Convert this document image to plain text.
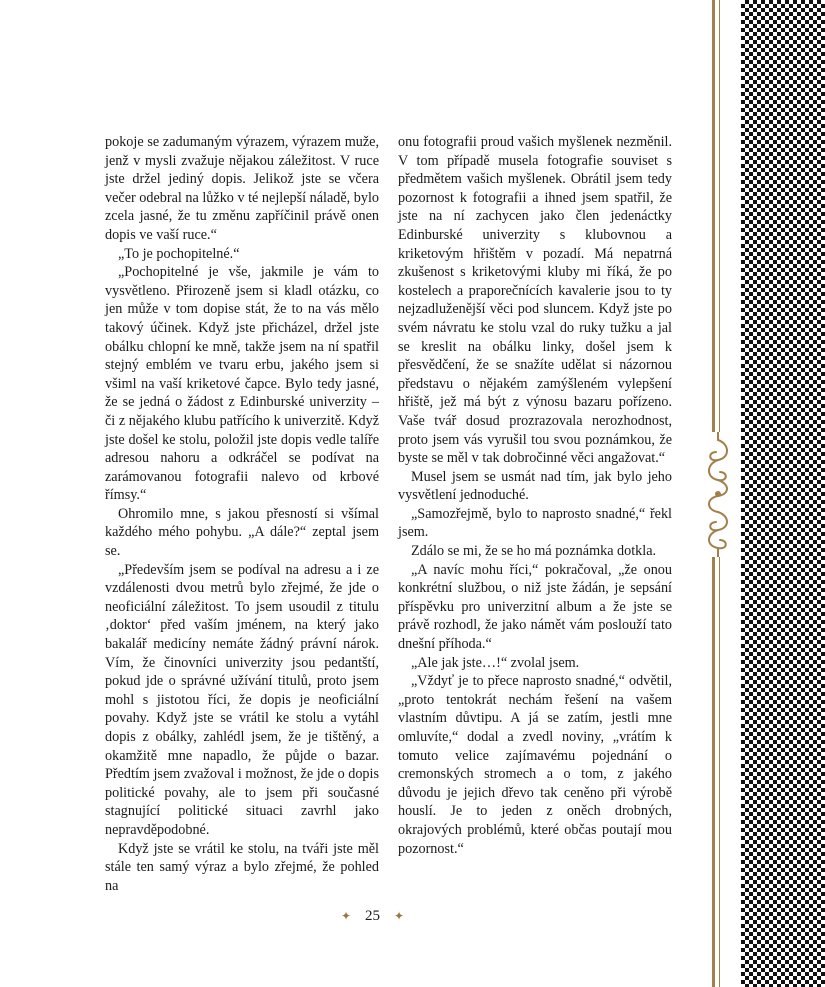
pokoje se zadumaným výrazem, výrazem muže, jenž v mysli zvažuje nějakou záležitost. V ruce jste držel jediný dopis. Jelikož jste se včera večer odebral na lůžko v té nejlepší náladě, bylo zcela jasné, že tu změnu zapříčinil právě onen dopis ve vaší ruce.“

„To je pochopitelné.“

„Pochopitelné je vše, jakmile je vám to vysvětleno. Přirozeně jsem si kladl otázku, co jen může v tom dopise stát, že to na vás mělo takový účinek. Když jste přicházel, držel jste obálku chlopní ke mně, takže jsem na ní spatřil stejný emblém ve tvaru erbu, jakého jsem si všiml na vaší kriketové čapce. Bylo tedy jasné, že se jedná o žádost z Edinburské univerzity – či z nějakého klubu patřícího k univerzitě. Když jste došel ke stolu, položil jste dopis vedle talíře adresou nahoru a odkráčel se podívat na zarámovanou fotografii nalevo od krbové římsy.“

Ohromilo mne, s jakou přesností si všímal každého mého pohybu. „A dále?“ zeptal jsem se.

„Především jsem se podíval na adresu a i ze vzdálenosti dvou metrů bylo zřejmé, že jde o neoficiální záležitost. To jsem usoudil z titulu ‚doktor‘ před vaším jménem, na který jako bakalář medicíny nemáte žádný právní nárok. Vím, že činovníci univerzity jsou pedantští, pokud jde o správné užívání titulů, proto jsem mohl s jistotou říci, že dopis je neoficiální povahy. Když jste se vrátil ke stolu a vytáhl dopis z obálky, zahlédl jsem, že je tištěný, a okamžitě mne napadlo, že půjde o bazar. Předtím jsem zvažoval i možnost, že jde o dopis politické povahy, ale to jsem při současné stagnující politické situaci zavrhl jako nepravděpodobné.

Když jste se vrátil ke stolu, na tváři jste měl stále ten samý výraz a bylo zřejmé, že pohled na

onu fotografii proud vašich myšlenek nezměnil. V tom případě musela fotografie souviset s předmětem vašich myšlenek. Obrátil jsem tedy pozornost k fotografii a ihned jsem spatřil, že jste na ní zachycen jako člen jedenáctky Edinburské univerzity s klubovnou a kriketovým hřištěm v pozadí. Má nepatrná zkušenost s kriketovými kluby mi říká, že po kostelech a praporečnících kavalerie jsou to ty nejzadluženější věci pod sluncem. Když jste po svém návratu ke stolu vzal do ruky tužku a jal se kreslit na obálku linky, došel jsem k přesvědčení, že se snažíte udělat si názornou představu o nějakém zamýšleném vylepšení hřiště, jež má být z výnosu bazaru pořízeno. Vaše tvář dosud prozrazovala nerozhodnost, proto jsem vás vyrušil tou svou poznámkou, že byste se měl v tak dobročinné věci angažovat.“

Musel jsem se usmát nad tím, jak bylo jeho vysvětlení jednoduché.

„Samozřejmě, bylo to naprosto snadné,“ řekl jsem.

Zdálo se mi, že se ho má poznámka dotkla.

„A navíc mohu říci,“ pokračoval, „že onou konkrétní službou, o niž jste žádán, je sepsání příspěvku pro univerzitní album a že jste se právě rozhodl, že jako námět vám poslouží tato dnešní příhoda.“

„Ale jak jste…!“ zvolal jsem.

„Vždyť je to přece naprosto snadné,“ odvětil, „proto tentokrát nechám řešení na vašem vlastním důvtipu. A já se zatím, jestli mne omluvíte,“ dodal a zvedl noviny, „vrátím k tomuto velice zajímavému pojednání o cremonských stromech a o tom, z jakého důvodu je jejich dřevo tak ceněno při výrobě houslí. Je to jeden z oněch drobných, okrajových problémů, které občas poutají mou pozornost.“

✦ 25 ✦
